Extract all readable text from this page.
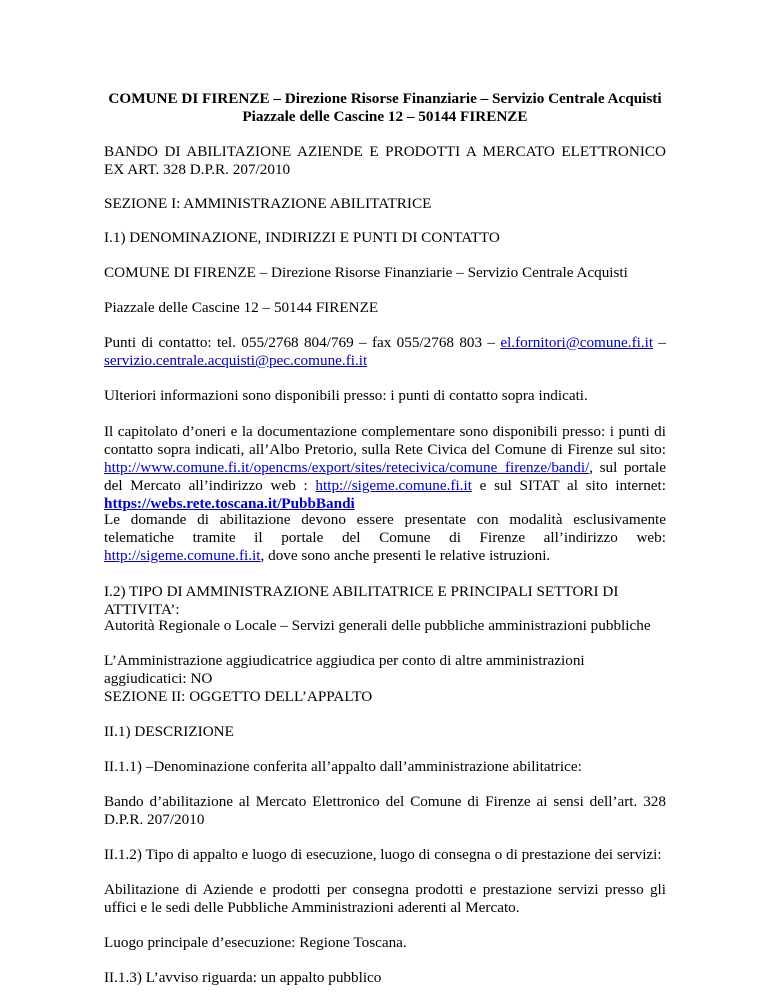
COMUNE DI FIRENZE – Direzione Risorse Finanziarie – Servizio Centrale Acquisti

Piazzale delle Cascine 12 – 50144 FIRENZE

BANDO DI ABILITAZIONE AZIENDE E PRODOTTI A MERCATO ELETTRONICO EX ART. 328 D.P.R. 207/2010

SEZIONE I: AMMINISTRAZIONE ABILITATRICE

I.1) DENOMINAZIONE, INDIRIZZI E PUNTI DI CONTATTO

COMUNE DI FIRENZE – Direzione Risorse Finanziarie – Servizio Centrale Acquisti

Piazzale delle Cascine 12 – 50144 FIRENZE

Punti di contatto: tel. 055/2768 804/769 – fax 055/2768 803 – el.fornitori@comune.fi.it – servizio.centrale.acquisti@pec.comune.fi.it

Ulteriori informazioni sono disponibili presso: i punti di contatto sopra indicati.

Il capitolato d’oneri e la documentazione complementare sono disponibili presso: i punti di contatto sopra indicati, all’Albo Pretorio, sulla Rete Civica del Comune di Firenze sul sito: http://www.comune.fi.it/opencms/export/sites/retecivica/comune_firenze/bandi/, sul portale del Mercato all’indirizzo web : http://sigeme.comune.fi.it e sul SITAT al sito internet: https://webs.rete.toscana.it/PubbBandi

Le domande di abilitazione devono essere presentate con modalità esclusivamente telematiche tramite il portale del Comune di Firenze all’indirizzo web: http://sigeme.comune.fi.it, dove sono anche presenti le relative istruzioni.

I.2) TIPO DI AMMINISTRAZIONE ABILITATRICE E PRINCIPALI SETTORI DI ATTIVITA’:

Autorità Regionale o Locale – Servizi generali delle pubbliche amministrazioni pubbliche

L’Amministrazione aggiudicatrice aggiudica per conto di altre amministrazioni aggiudicatici: NO

SEZIONE II: OGGETTO DELL’APPALTO

II.1) DESCRIZIONE

II.1.1) –Denominazione conferita all’appalto dall’amministrazione abilitatrice:

Bando d’abilitazione al Mercato Elettronico del Comune di Firenze ai sensi dell’art. 328 D.P.R. 207/2010

II.1.2) Tipo di appalto e luogo di esecuzione, luogo di consegna o di prestazione dei servizi:

Abilitazione di Aziende e prodotti per consegna prodotti e prestazione servizi presso gli uffici e le sedi delle Pubbliche Amministrazioni aderenti al Mercato.

Luogo principale d’esecuzione: Regione Toscana.

II.1.3) L’avviso riguarda: un appalto pubblico
